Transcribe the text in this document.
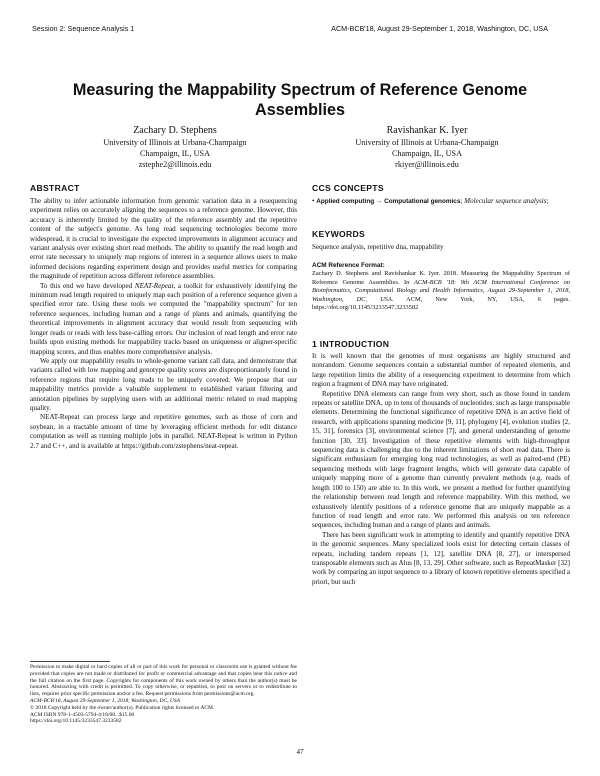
Session 2: Sequence Analysis 1	ACM-BCB'18, August 29-September 1, 2018, Washington, DC, USA
Measuring the Mappability Spectrum of Reference Genome Assemblies
Zachary D. Stephens
University of Illinois at Urbana-Champaign
Champaign, IL, USA
zstephe2@illinois.edu
Ravishankar K. Iyer
University of Illinois at Urbana-Champaign
Champaign, IL, USA
rkiyer@illinois.edu
ABSTRACT

The ability to infer actionable information from genomic variation data in a resequencing experiment relies on accurately aligning the sequences to a reference genome. However, this accuracy is inherently limited by the quality of the reference assembly and the repetitive content of the subject's genome. As long read sequencing technologies become more widespread, it is crucial to investigate the expected improvements in alignment accuracy and variant analysis over existing short read methods. The ability to quantify the read length and error rate necessary to uniquely map regions of interest in a sequence allows users to make informed decisions regarding experiment design and provides useful metrics for comparing the magnitude of repetition across different reference assemblies.

To this end we have developed NEAT-Repeat, a toolkit for exhaustively identifying the minimum read length required to uniquely map each position of a reference sequence given a specified error rate. Using these tools we computed the "mappability spectrum" for ten reference sequences, including human and a range of plants and animals, quantifying the theoretical improvements in alignment accuracy that would result from sequencing with longer reads or reads with less base-calling errors. Our inclusion of read length and error rate builds upon existing methods for mappability tracks based on uniqueness or aligner-specific mapping scores, and thus enables more comprehensive analysis.

We apply our mappability results to whole-genome variant call data, and demonstrate that variants called with low mapping and genotype quality scores are disproportionately found in reference regions that require long reads to be uniquely covered. We propose that our mappability metrics provide a valuable supplement to established variant filtering and annotation pipelines by supplying users with an additional metric related to read mapping quality.

NEAT-Repeat can process large and repetitive genomes, such as those of corn and soybean, in a tractable amount of time by leveraging efficient methods for edit distance computation as well as running multiple jobs in parallel. NEAT-Repeat is written in Python 2.7 and C++, and is available at https://github.com/zstephens/neat-repeat.

Permission to make digital or hard copies of all or part of this work for personal or classroom use is granted without fee provided that copies are not made or distributed for profit or commercial advantage and that copies bear this notice and the full citation on the first page. Copyrights for components of this work owned by others than the author(s) must be honored. Abstracting with credit is permitted. To copy otherwise, or republish, to post on servers or to redistribute to lists, requires prior specific permission and/or a fee. Request permissions from permissions@acm.org.
ACM-BCB'18, August 29-September 1, 2018, Washington, DC, USA
© 2018 Copyright held by the owner/author(s). Publication rights licensed to ACM.
ACM ISBN 978-1-4503-5794-4/18/08...$15.00
https://doi.org/10.1145/3233547.3233582
CCS CONCEPTS
• Applied computing → Computational genomics; Molecular sequence analysis;
KEYWORDS
Sequence analysis, repetitive dna, mappability
ACM Reference Format:
Zachary D. Stephens and Ravishankar K. Iyer. 2018. Measuring the Mappability Spectrum of Reference Genome Assemblies. In ACM-BCB '18: 9th ACM International Conference on Bioinformatics, Computational Biology and Health Informatics, August 29-September 1, 2018, Washington, DC, USA. ACM, New York, NY, USA, 6 pages. https://doi.org/10.1145/3233547.3233582
1 INTRODUCTION

It is well known that the genomes of most organisms are highly structured and nonrandom. Genome sequences contain a substantial number of repeated elements, and large repetition limits the ability of a resequencing experiment to determine from which region a fragment of DNA may have originated.

Repetitive DNA elements can range from very short, such as those found in tandem repeats or satellite DNA, up to tens of thousands of nucleotides, such as large transposable elements. Determining the functional significance of repetitive DNA is an active field of research, with applications spanning medicine [9, 11], phylogeny [4], evolution studies [2, 15, 31], forensics [3], environmental science [7], and general understanding of genome function [30, 33]. Investigation of these repetitive elements with high-throughput sequencing data is challenging due to the inherent limitations of short read data. There is significant enthusiasm for emerging long read technologies, as well as paired-end (PE) sequencing methods with large fragment lengths, which will generate data capable of uniquely mapping more of a genome than currently prevalent methods (e.g. reads of length 100 to 150) are able to. In this work, we present a method for further quantifying the relationship between read length and reference mappability. With this method, we exhaustively identify positions of a reference genome that are uniquely mappable as a function of read length and error rate. We performed this analysis on ten reference sequences, including human and a range of plants and animals.

There has been significant work in attempting to identify and quantify repetitive DNA in the genomic sequences. Many specialized tools exist for detecting certain classes of repeats, including tandem repeats [1, 12], satellite DNA [8, 27], or interspersed transposable elements such as Alus [8, 13, 29]. Other software, such as RepeatMasker [32] work by comparing an input sequence to a library of known repetitive elements specified a priori, but such

47
